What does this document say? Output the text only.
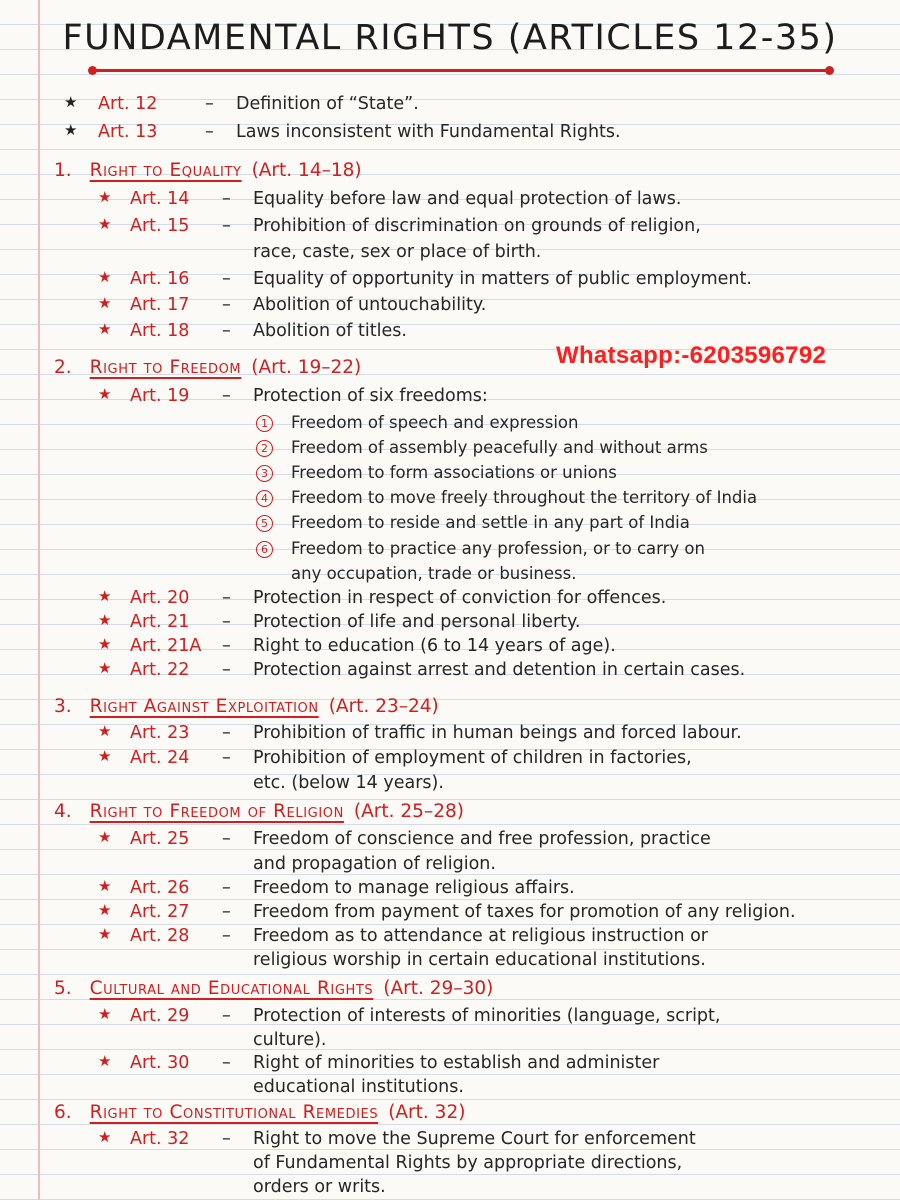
FUNDAMENTAL RIGHTS (ARTICLES 12-35)
Whatsapp:-6203596792
★ Art. 12	– Definition of “State”.
★ Art. 13	– Laws inconsistent with Fundamental Rights.
1. Right to Equality (Art. 14–18)
★ Art. 14 – Equality before law and equal protection of laws.
★ Art. 15 – Prohibition of discrimination on grounds of religion,
race, caste, sex or place of birth.
★ Art. 16 – Equality of opportunity in matters of public employment.
★ Art. 17 – Abolition of untouchability.
★ Art. 18 – Abolition of titles.
2. Right to Freedom (Art. 19–22)
★ Art. 19 – Protection of six freedoms:
★ Art. 20 – Protection in respect of conviction for offences.
★ Art. 21 – Protection of life and personal liberty.
★ Art. 21A – Right to education (6 to 14 years of age).
★ Art. 22 – Protection against arrest and detention in certain cases.
1	Freedom of speech and expression
2	Freedom of assembly peacefully and without arms
3	Freedom to form associations or unions
4	Freedom to move freely throughout the territory of India
5	Freedom to reside and settle in any part of India
6	Freedom to practice any profession, or to carry on
any occupation, trade or business.
3. Right Against Exploitation (Art. 23–24)
★ Art. 23 – Prohibition of traffic in human beings and forced labour.
★ Art. 24 – Prohibition of employment of children in factories,
etc. (below 14 years).
4. Right to Freedom of Religion (Art. 25–28)
★ Art. 25 – Freedom of conscience and free profession, practice
and propagation of religion.
★ Art. 26 – Freedom to manage religious affairs.
★ Art. 27 – Freedom from payment of taxes for promotion of any religion.
★ Art. 28 – Freedom as to attendance at religious instruction or
religious worship in certain educational institutions.
5. Cultural and Educational Rights (Art. 29–30)
★ Art. 29 – Protection of interests of minorities (language, script,
culture).
★ Art. 30 – Right of minorities to establish and administer
educational institutions.
6. Right to Constitutional Remedies (Art. 32)
★ Art. 32 – Right to move the Supreme Court for enforcement
of Fundamental Rights by appropriate directions,
orders or writs.
